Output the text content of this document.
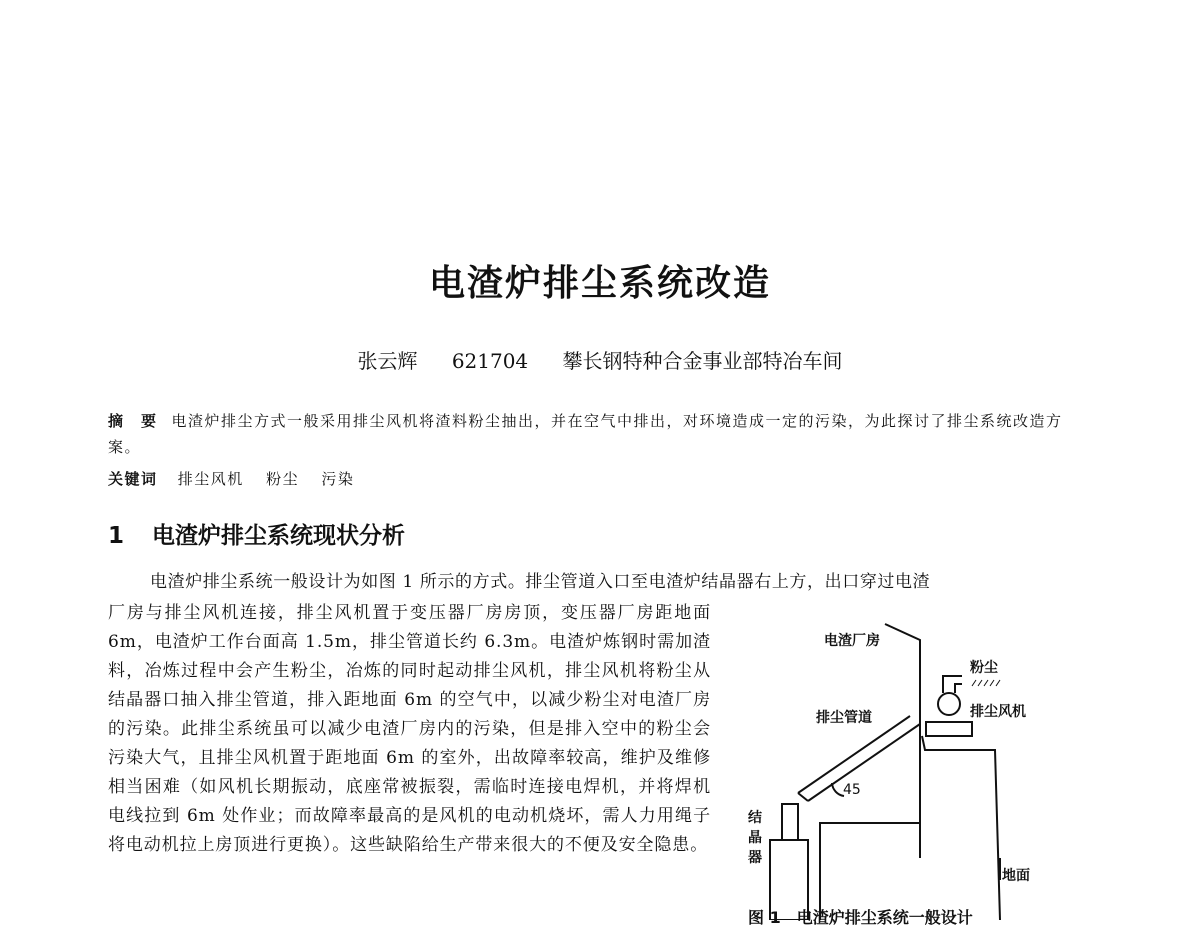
电渣炉排尘系统改造
张云辉 621704 攀长钢特种合金事业部特冶车间
摘　要 电渣炉排尘方式一般采用排尘风机将渣料粉尘抽出，并在空气中排出，对环境造成一定的污染，为此探讨了排尘系统改造方案。
关键词 排尘风机 粉尘 污染
1 电渣炉排尘系统现状分析
电渣炉排尘系统一般设计为如图 1 所示的方式。排尘管道入口至电渣炉结晶器右上方，出口穿过电渣
厂房与排尘风机连接，排尘风机置于变压器厂房房顶，变压器厂房距地面 6m，电渣炉工作台面高 1.5m，排尘管道长约 6.3m。电渣炉炼钢时需加渣料，冶炼过程中会产生粉尘，冶炼的同时起动排尘风机，排尘风机将粉尘从结晶器口抽入排尘管道，排入距地面 6m 的空气中，以减少粉尘对电渣厂房的污染。此排尘系统虽可以减少电渣厂房内的污染，但是排入空中的粉尘会污染大气，且排尘风机置于距地面 6m 的室外，出故障率较高，维护及维修相当困难（如风机长期振动，底座常被振裂，需临时连接电焊机，并将焊机电线拉到 6m 处作业；而故障率最高的是风机的电动机烧坏，需人力用绳子将电动机拉上房顶进行更换）。这些缺陷给生产带来很大的不便及安全隐患。
电渣厂房
粉尘
排尘管道	排尘风机
45
结
晶
器
地面
图 1　电渣炉排尘系统一般设计
